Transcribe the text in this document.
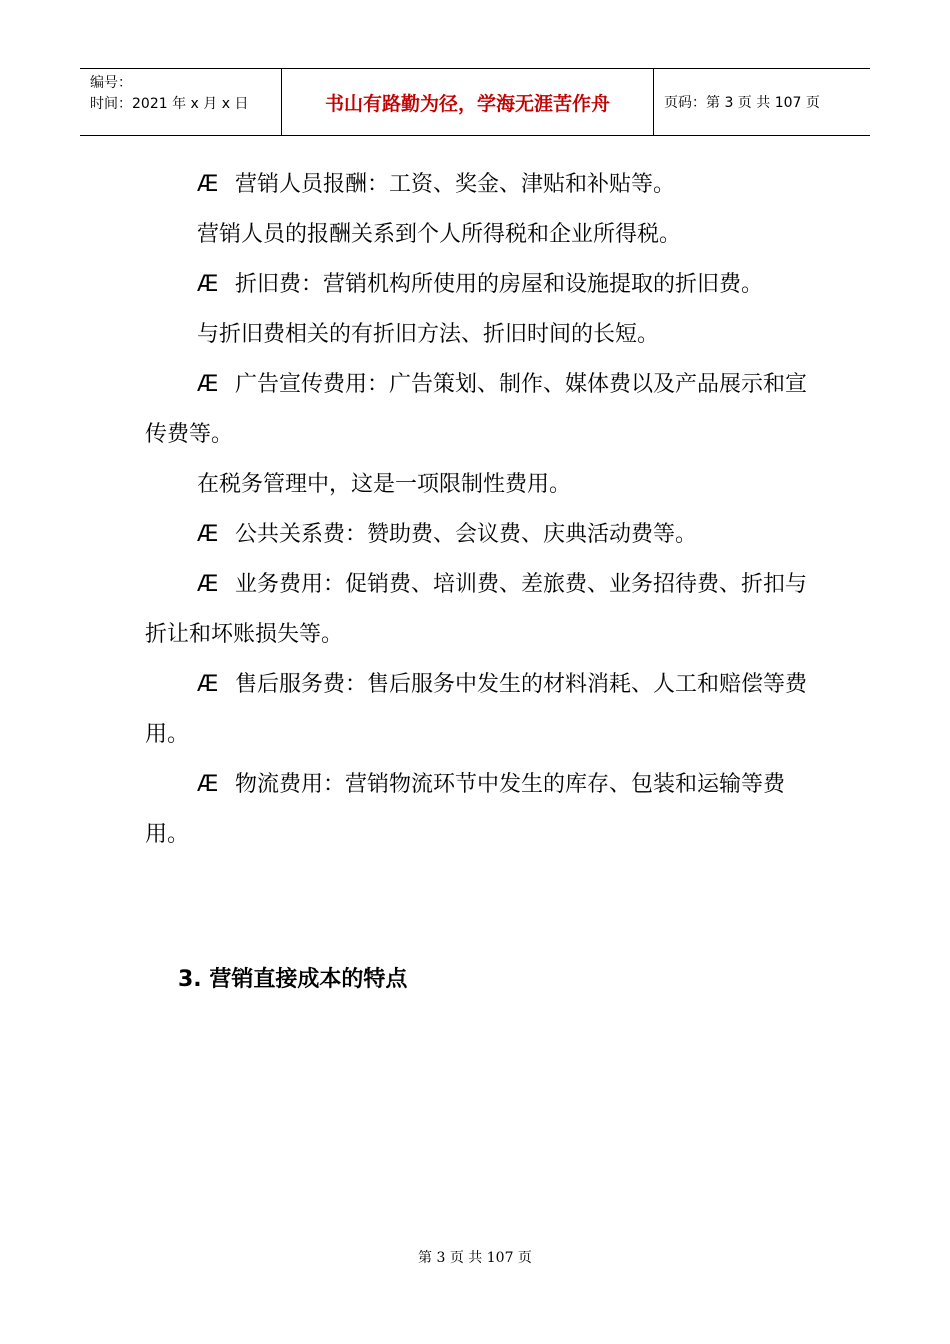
编号：
时间：2021 年 x 月 x 日	书山有路勤为径，学海无涯苦作舟	页码：第 3 页 共 107 页

Æ 营销人员报酬：工资、奖金、津贴和补贴等。

营销人员的报酬关系到个人所得税和企业所得税。

Æ 折旧费：营销机构所使用的房屋和设施提取的折旧费。

与折旧费相关的有折旧方法、折旧时间的长短。

Æ 广告宣传费用：广告策划、制作、媒体费以及产品展示和宣传费等。

在税务管理中，这是一项限制性费用。

Æ 公共关系费：赞助费、会议费、庆典活动费等。

Æ 业务费用：促销费、培训费、差旅费、业务招待费、折扣与折让和坏账损失等。

Æ 售后服务费：售后服务中发生的材料消耗、人工和赔偿等费用。

Æ 物流费用：营销物流环节中发生的库存、包装和运输等费用。

3. 营销直接成本的特点
第 3 页 共 107 页
